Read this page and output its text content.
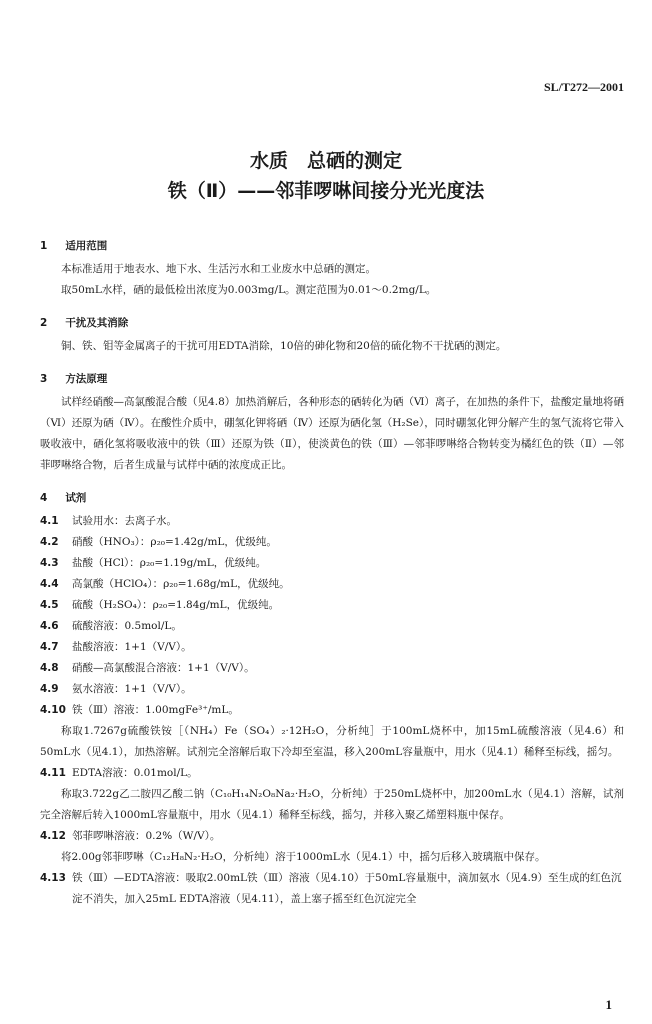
SL/T272—2001
水质　总硒的测定
铁（Ⅱ）——邻菲啰啉间接分光光度法
1 适用范围

本标准适用于地表水、地下水、生活污水和工业废水中总硒的测定。

取50mL水样，硒的最低检出浓度为0.003mg/L。测定范围为0.01～0.2mg/L。

2 干扰及其消除

铜、铁、钼等金属离子的干扰可用EDTA消除，10倍的砷化物和20倍的硫化物不干扰硒的测定。

3 方法原理

试样经硝酸—高氯酸混合酸（见4.8）加热消解后，各种形态的硒转化为硒（Ⅵ）离子，在加热的条件下，盐酸定量地将硒（Ⅵ）还原为硒（Ⅳ）。在酸性介质中，硼氢化钾将硒（Ⅳ）还原为硒化氢（H₂Se），同时硼氢化钾分解产生的氢气流将它带入吸收液中，硒化氢将吸收液中的铁（Ⅲ）还原为铁（Ⅱ），使淡黄色的铁（Ⅲ）—邻菲啰啉络合物转变为橘红色的铁（Ⅱ）—邻菲啰啉络合物，后者生成量与试样中硒的浓度成正比。

4 试剂
4.1	试验用水：去离子水。
4.2	硝酸（HNO₃）：ρ₂₀=1.42g/mL，优级纯。
4.3	盐酸（HCl）：ρ₂₀=1.19g/mL，优级纯。
4.4	高氯酸（HClO₄）：ρ₂₀=1.68g/mL，优级纯。
4.5	硫酸（H₂SO₄）：ρ₂₀=1.84g/mL，优级纯。
4.6	硫酸溶液：0.5mol/L。
4.7	盐酸溶液：1+1（V/V）。
4.8	硝酸—高氯酸混合溶液：1+1（V/V）。
4.9	氨水溶液：1+1（V/V）。
4.10 铁（Ⅲ）溶液：1.00mgFe³⁺/mL。

称取1.7267g硫酸铁铵［（NH₄）Fe（SO₄）₂·12H₂O，分析纯］于100mL烧杯中，加15mL硫酸溶液（见4.6）和50mL水（见4.1），加热溶解。试剂完全溶解后取下冷却至室温，移入200mL容量瓶中，用水（见4.1）稀释至标线，摇匀。

4.11 EDTA溶液：0.01mol/L。

称取3.722g乙二胺四乙酸二钠（C₁₀H₁₄N₂O₈Na₂·H₂O，分析纯）于250mL烧杯中，加200mL水（见4.1）溶解，试剂完全溶解后转入1000mL容量瓶中，用水（见4.1）稀释至标线，摇匀，并移入聚乙烯塑料瓶中保存。

4.12 邻菲啰啉溶液：0.2%（W/V）。

将2.00g邻菲啰啉（C₁₂H₈N₂·H₂O，分析纯）溶于1000mL水（见4.1）中，摇匀后移入玻璃瓶中保存。

4.13 铁（Ⅲ）—EDTA溶液：吸取2.00mL铁（Ⅲ）溶液（见4.10）于50mL容量瓶中，滴加氨水（见4.9）至生成的红色沉淀不消失，加入25mL EDTA溶液（见4.11），盖上塞子摇至红色沉淀完全
1
